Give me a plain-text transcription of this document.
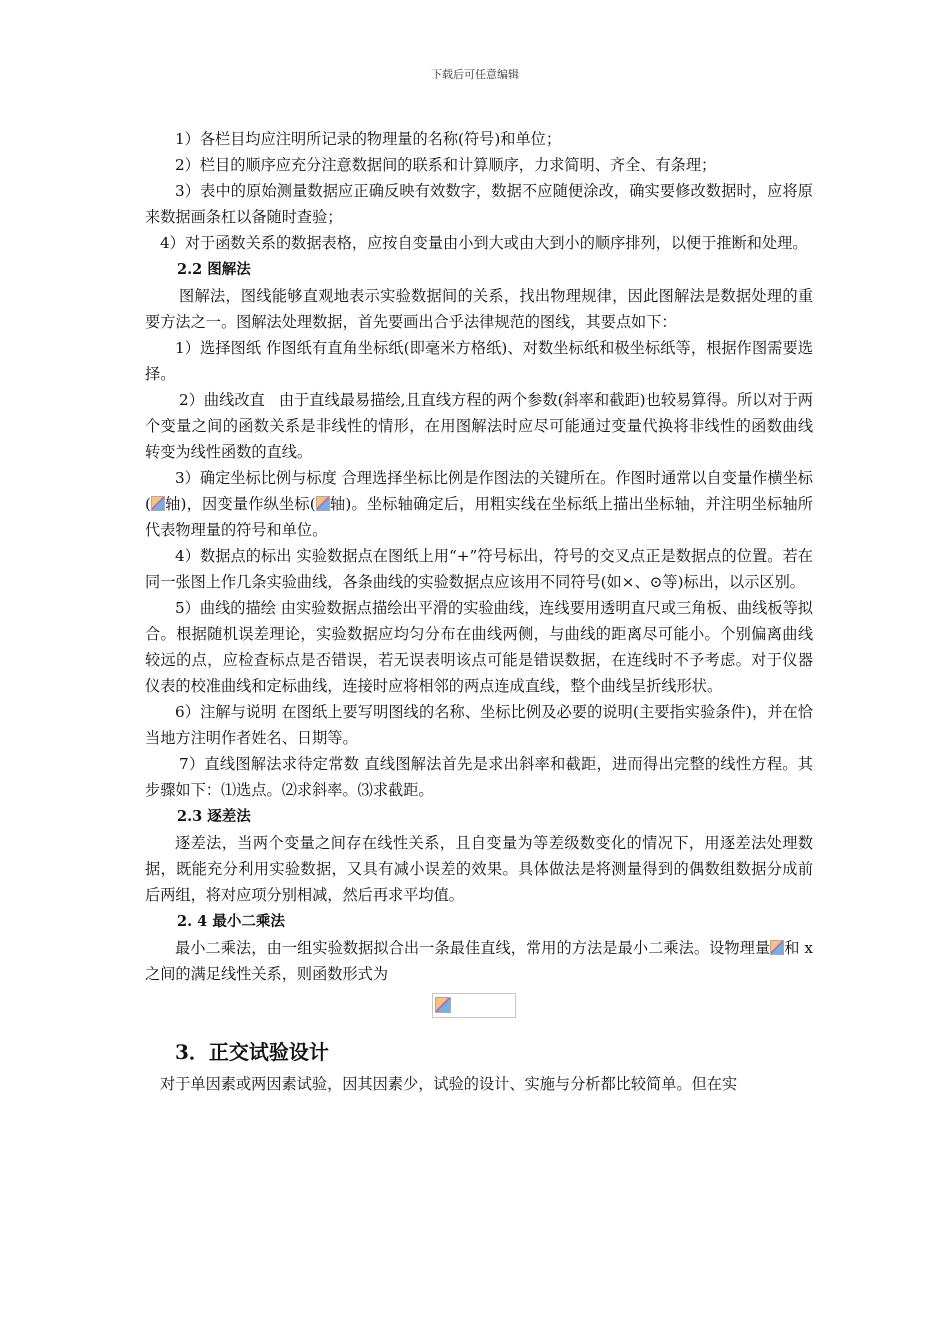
下载后可任意编辑

1）各栏目均应注明所记录的物理量的名称(符号)和单位；

2）栏目的顺序应充分注意数据间的联系和计算顺序，力求简明、齐全、有条理；

3）表中的原始测量数据应正确反映有效数字，数据不应随便涂改，确实要修改数据时，应将原来数据画条杠以备随时查验；

4）对于函数关系的数据表格，应按自变量由小到大或由大到小的顺序排列，以便于推断和处理。

2.2 图解法

图解法，图线能够直观地表示实验数据间的关系，找出物理规律，因此图解法是数据处理的重要方法之一。图解法处理数据，首先要画出合乎法律规范的图线，其要点如下：

1）选择图纸 作图纸有直角坐标纸(即毫米方格纸)、对数坐标纸和极坐标纸等，根据作图需要选择。

2）曲线改直 由于直线最易描绘,且直线方程的两个参数(斜率和截距)也较易算得。所以对于两个变量之间的函数关系是非线性的情形，在用图解法时应尽可能通过变量代换将非线性的函数曲线转变为线性函数的直线。

3）确定坐标比例与标度 合理选择坐标比例是作图法的关键所在。作图时通常以自变量作横坐标( 轴)，因变量作纵坐标( 轴)。坐标轴确定后，用粗实线在坐标纸上描出坐标轴，并注明坐标轴所代表物理量的符号和单位。

4）数据点的标出 实验数据点在图纸上用“+”符号标出，符号的交叉点正是数据点的位置。若在同一张图上作几条实验曲线，各条曲线的实验数据点应该用不同符号(如×、⊙等)标出，以示区别。

5）曲线的描绘 由实验数据点描绘出平滑的实验曲线，连线要用透明直尺或三角板、曲线板等拟合。根据随机误差理论，实验数据应均匀分布在曲线两侧，与曲线的距离尽可能小。个别偏离曲线较远的点，应检查标点是否错误，若无误表明该点可能是错误数据，在连线时不予考虑。对于仪器仪表的校准曲线和定标曲线，连接时应将相邻的两点连成直线，整个曲线呈折线形状。

6）注解与说明 在图纸上要写明图线的名称、坐标比例及必要的说明(主要指实验条件)，并在恰当地方注明作者姓名、日期等。

7）直线图解法求待定常数 直线图解法首先是求出斜率和截距，进而得出完整的线性方程。其步骤如下：⑴选点。⑵求斜率。⑶求截距。

2.3 逐差法

逐差法，当两个变量之间存在线性关系，且自变量为等差级数变化的情况下，用逐差法处理数据，既能充分利用实验数据，又具有减小误差的效果。具体做法是将测量得到的偶数组数据分成前后两组，将对应项分别相减，然后再求平均值。

2. 4 最小二乘法

最小二乘法，由一组实验数据拟合出一条最佳直线，常用的方法是最小二乘法。设物理量 和 x 之间的满足线性关系，则函数形式为

3．正交试验设计

对于单因素或两因素试验，因其因素少，试验的设计、实施与分析都比较简单。但在实
